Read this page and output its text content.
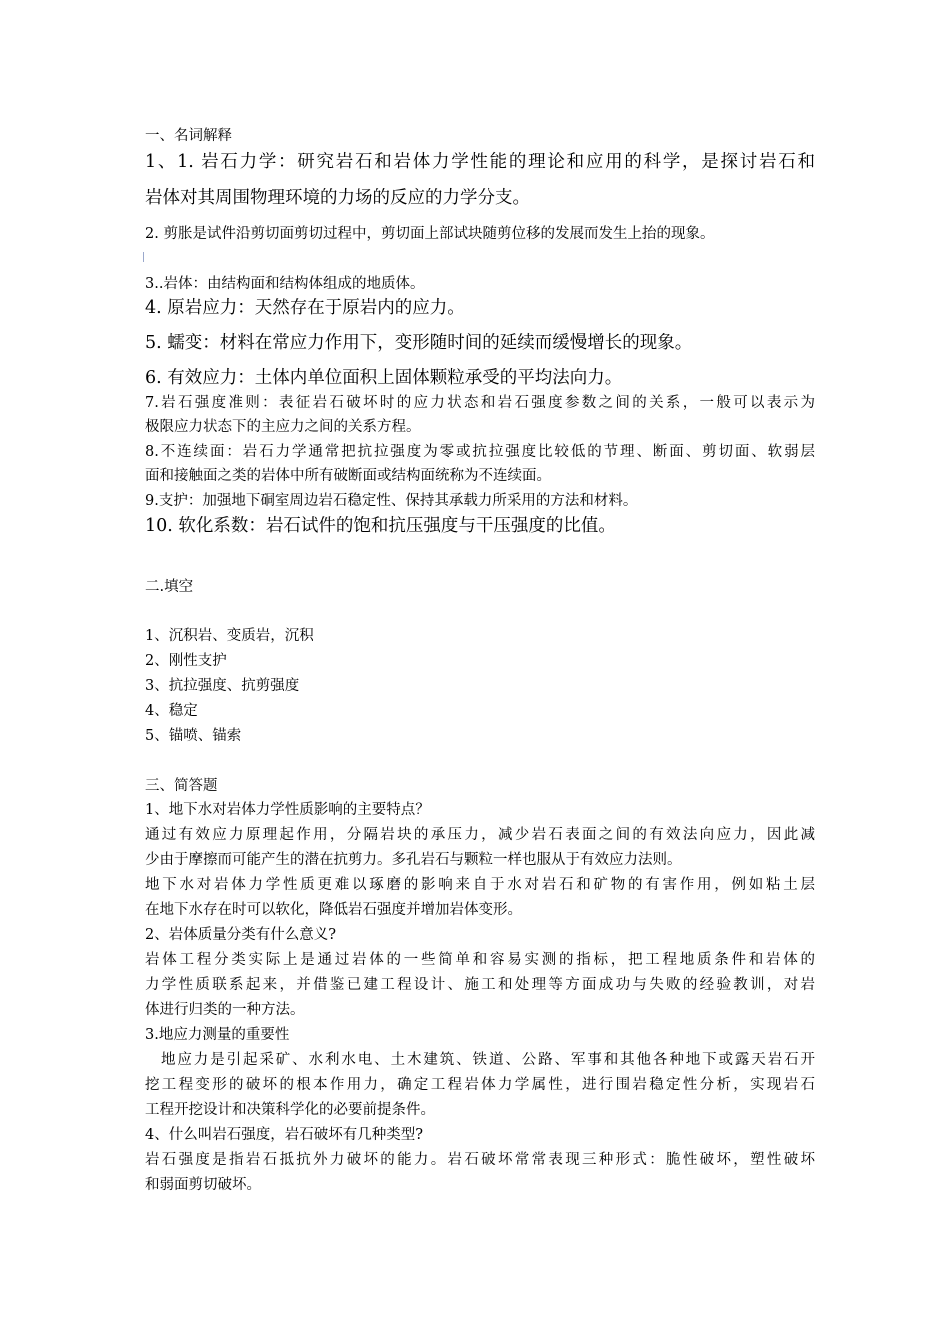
一、名词解释

1、1. 岩石力学：研究岩石和岩体力学性能的理论和应用的科学，是探讨岩石和

岩体对其周围物理环境的力场的反应的力学分支。

2. 剪胀是试件沿剪切面剪切过程中，剪切面上部试块随剪位移的发展而发生上抬的现象。

3..岩体：由结构面和结构体组成的地质体。

4. 原岩应力：天然存在于原岩内的应力。

5. 蠕变：材料在常应力作用下，变形随时间的延续而缓慢增长的现象。

6. 有效应力：土体内单位面积上固体颗粒承受的平均法向力。

7.岩石强度准则：表征岩石破坏时的应力状态和岩石强度参数之间的关系，一般可以表示为

极限应力状态下的主应力之间的关系方程。

8.不连续面：岩石力学通常把抗拉强度为零或抗拉强度比较低的节理、断面、剪切面、软弱层

面和接触面之类的岩体中所有破断面或结构面统称为不连续面。

9.支护：加强地下硐室周边岩石稳定性、保持其承载力所采用的方法和材料。

10. 软化系数：岩石试件的饱和抗压强度与干压强度的比值。

二.填空

1、沉积岩、变质岩，沉积

2、刚性支护

3、抗拉强度、抗剪强度

4、稳定

5、锚喷、锚索

三、简答题

1、地下水对岩体力学性质影响的主要特点？

通过有效应力原理起作用，分隔岩块的承压力，减少岩石表面之间的有效法向应力，因此减

少由于摩擦而可能产生的潜在抗剪力。多孔岩石与颗粒一样也服从于有效应力法则。

地下水对岩体力学性质更难以琢磨的影响来自于水对岩石和矿物的有害作用，例如粘土层

在地下水存在时可以软化，降低岩石强度并增加岩体变形。

2、岩体质量分类有什么意义?

岩体工程分类实际上是通过岩体的一些简单和容易实测的指标，把工程地质条件和岩体的

力学性质联系起来，并借鉴已建工程设计、施工和处理等方面成功与失败的经验教训，对岩

体进行归类的一种方法。

3.地应力测量的重要性

地应力是引起采矿、水利水电、土木建筑、铁道、公路、军事和其他各种地下或露天岩石开

挖工程变形的破坏的根本作用力，确定工程岩体力学属性，进行围岩稳定性分析，实现岩石

工程开挖设计和决策科学化的必要前提条件。

4、什么叫岩石强度，岩石破坏有几种类型?

岩石强度是指岩石抵抗外力破坏的能力。岩石破坏常常表现三种形式：脆性破坏，塑性破坏

和弱面剪切破坏。
